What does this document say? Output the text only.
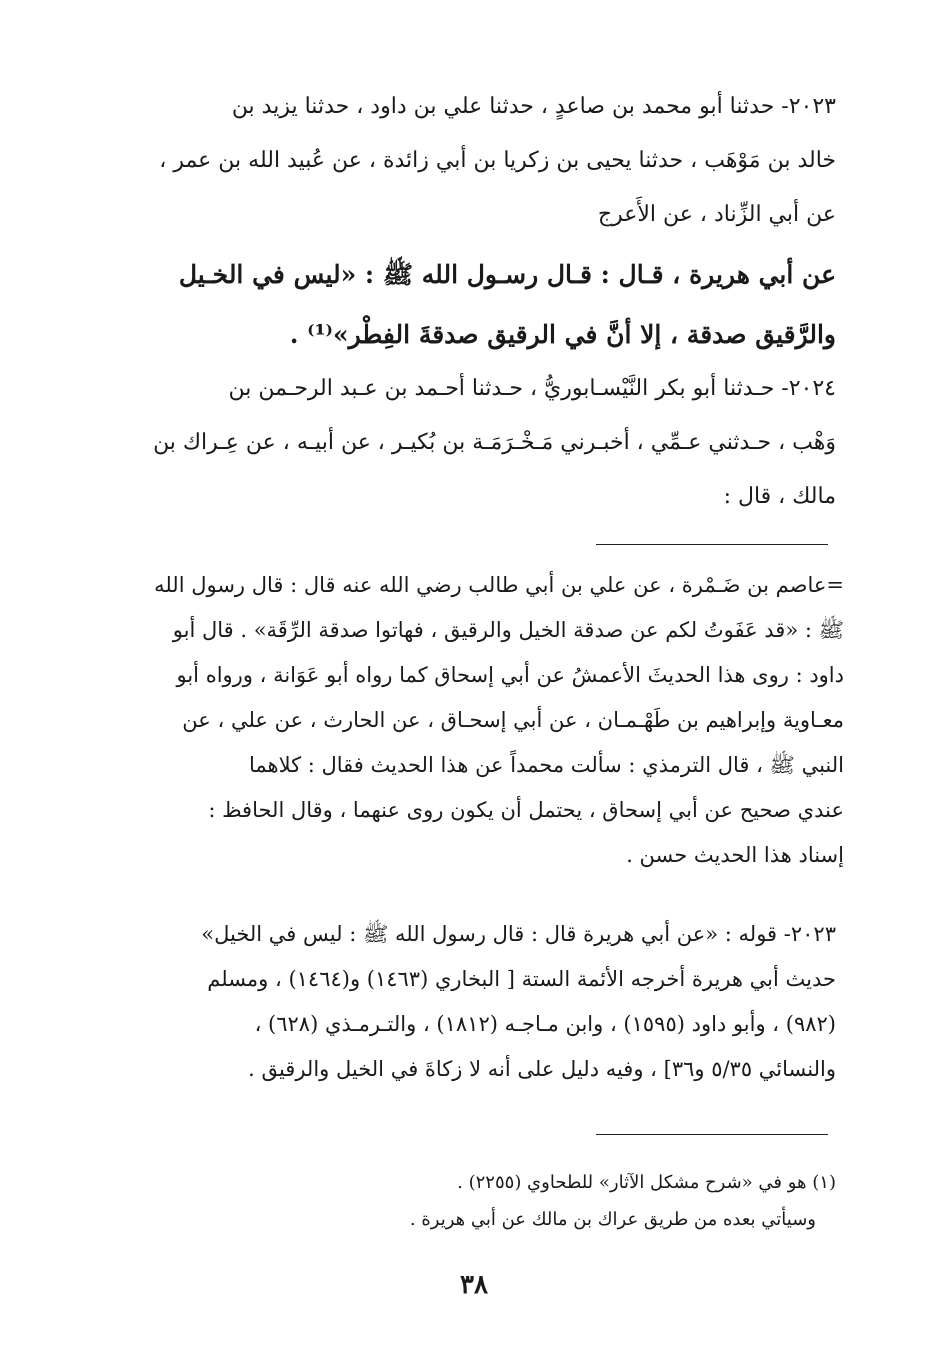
٢٠٢٣- حدثنا أبو محمد بن صاعدٍ ، حدثنا علي بن داود ، حدثنا يزيد بن
خالد بن مَوْهَب ، حدثنا يحيى بن زكريا بن أبي زائدة ، عن عُبيد الله بن عمر ،
عن أبي الزِّناد ، عن الأَعرج
عن أبي هريرة ، قـال : قـال رسـول الله ﷺ : «ليس في الخـيل
والرَّقيق صدقة ، إلا أنَّ في الرقيق صدقةَ الفِطْر»⁽¹⁾ .
٢٠٢٤- حـدثنا أبو بكر النَّيْسـابوريُّ ، حـدثنا أحـمد بن عـبد الرحـمن بن
وَهْب ، حـدثني عـمِّي ، أخبـرني مَـخْـرَمَـة بن بُكيـر ، عن أبيـه ، عن عِـراك بن
مالك ، قال :
=عاصم بن ضَـمْرة ، عن علي بن أبي طالب رضي الله عنه قال : قال رسول الله
ﷺ : «قد عَفَوتُ لكم عن صدقة الخيل والرقيق ، فهاتوا صدقة الرِّقَة» . قال أبو
داود : روى هذا الحديثَ الأعمشُ عن أبي إسحاق كما رواه أبو عَوَانة ، ورواه أبو
معـاوية وإبراهيم بن طَهْـمـان ، عن أبي إسحـاق ، عن الحارث ، عن علي ، عن
النبي ﷺ ، قال الترمذي : سألت محمداً عن هذا الحديث فقال : كلاهما
عندي صحيح عن أبي إسحاق ، يحتمل أن يكون روى عنهما ، وقال الحافظ :
إسناد هذا الحديث حسن .
٢٠٢٣- قوله : «عن أبي هريرة قال : قال رسول الله ﷺ : ليس في الخيل»
حديث أبي هريرة أخرجه الأئمة الستة [ البخاري (١٤٦٣) و(١٤٦٤) ، ومسلم
(٩٨٢) ، وأبو داود (١٥٩٥) ، وابن مـاجـه (١٨١٢) ، والتـرمـذي (٦٢٨) ،
والنسائي ٥/٣٥ و٣٦] ، وفيه دليل على أنه لا زكاةَ في الخيل والرقيق .
(١) هو في «شرح مشكل الآثار» للطحاوي (٢٢٥٥) .
وسيأتي بعده من طريق عراك بن مالك عن أبي هريرة .
٣٨
